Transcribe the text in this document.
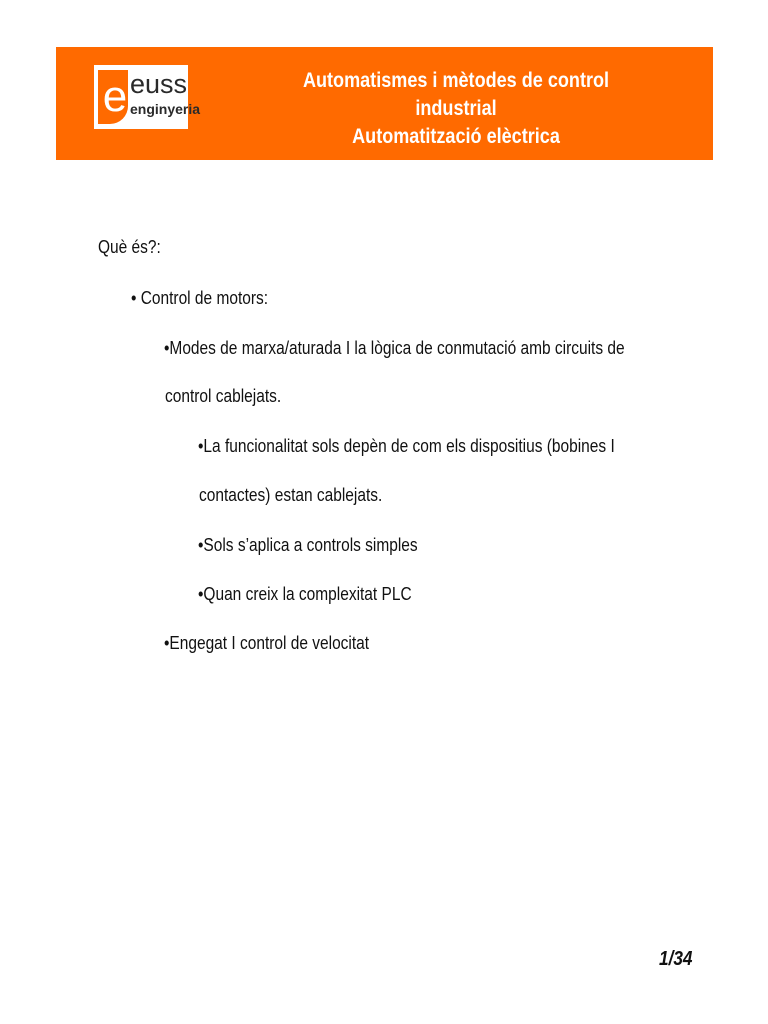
e euss
enginyeria
Automatismes i mètodes de control
industrial
Automatització elèctrica
Què és?:
• Control de motors:
•Modes de marxa/aturada I la lògica de conmutació amb circuits de
control cablejats.
•La funcionalitat sols depèn de com els dispositius (bobines I
contactes) estan cablejats.
•Sols s’aplica a controls simples
•Quan creix la complexitat PLC
•Engegat I control de velocitat
1/34
